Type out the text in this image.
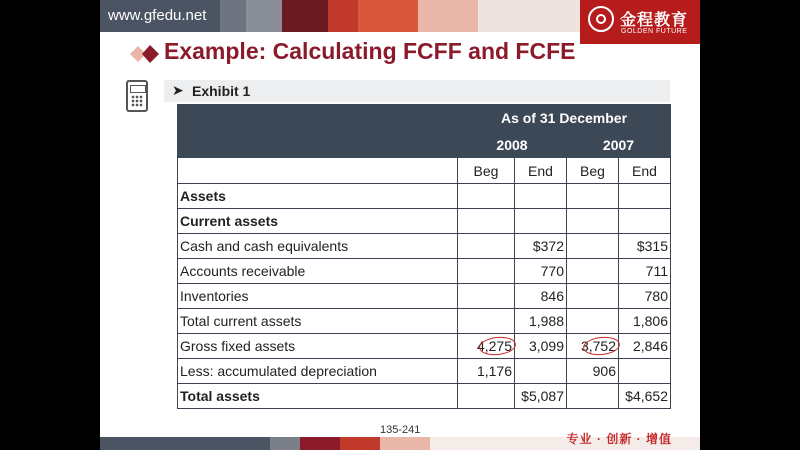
www.gfedu.net	金程教育
GOLDEN FUTURE
Example: Calculating FCFF and FCFE
➤ Exhibit 1
	As of 31 December			
	2008		2007	
	Beg	End	Beg	End
Assets				
Current assets				
Cash and cash equivalents		$372		$315
Accounts receivable		770		711
Inventories		846		780
Total current assets		1,988		1,806
Gross fixed assets	4,275	3,099	3,752	2,846
Less: accumulated depreciation	1,176		906	
Total assets		$5,087		$4,652
135-241
专业 · 创新 · 增值
